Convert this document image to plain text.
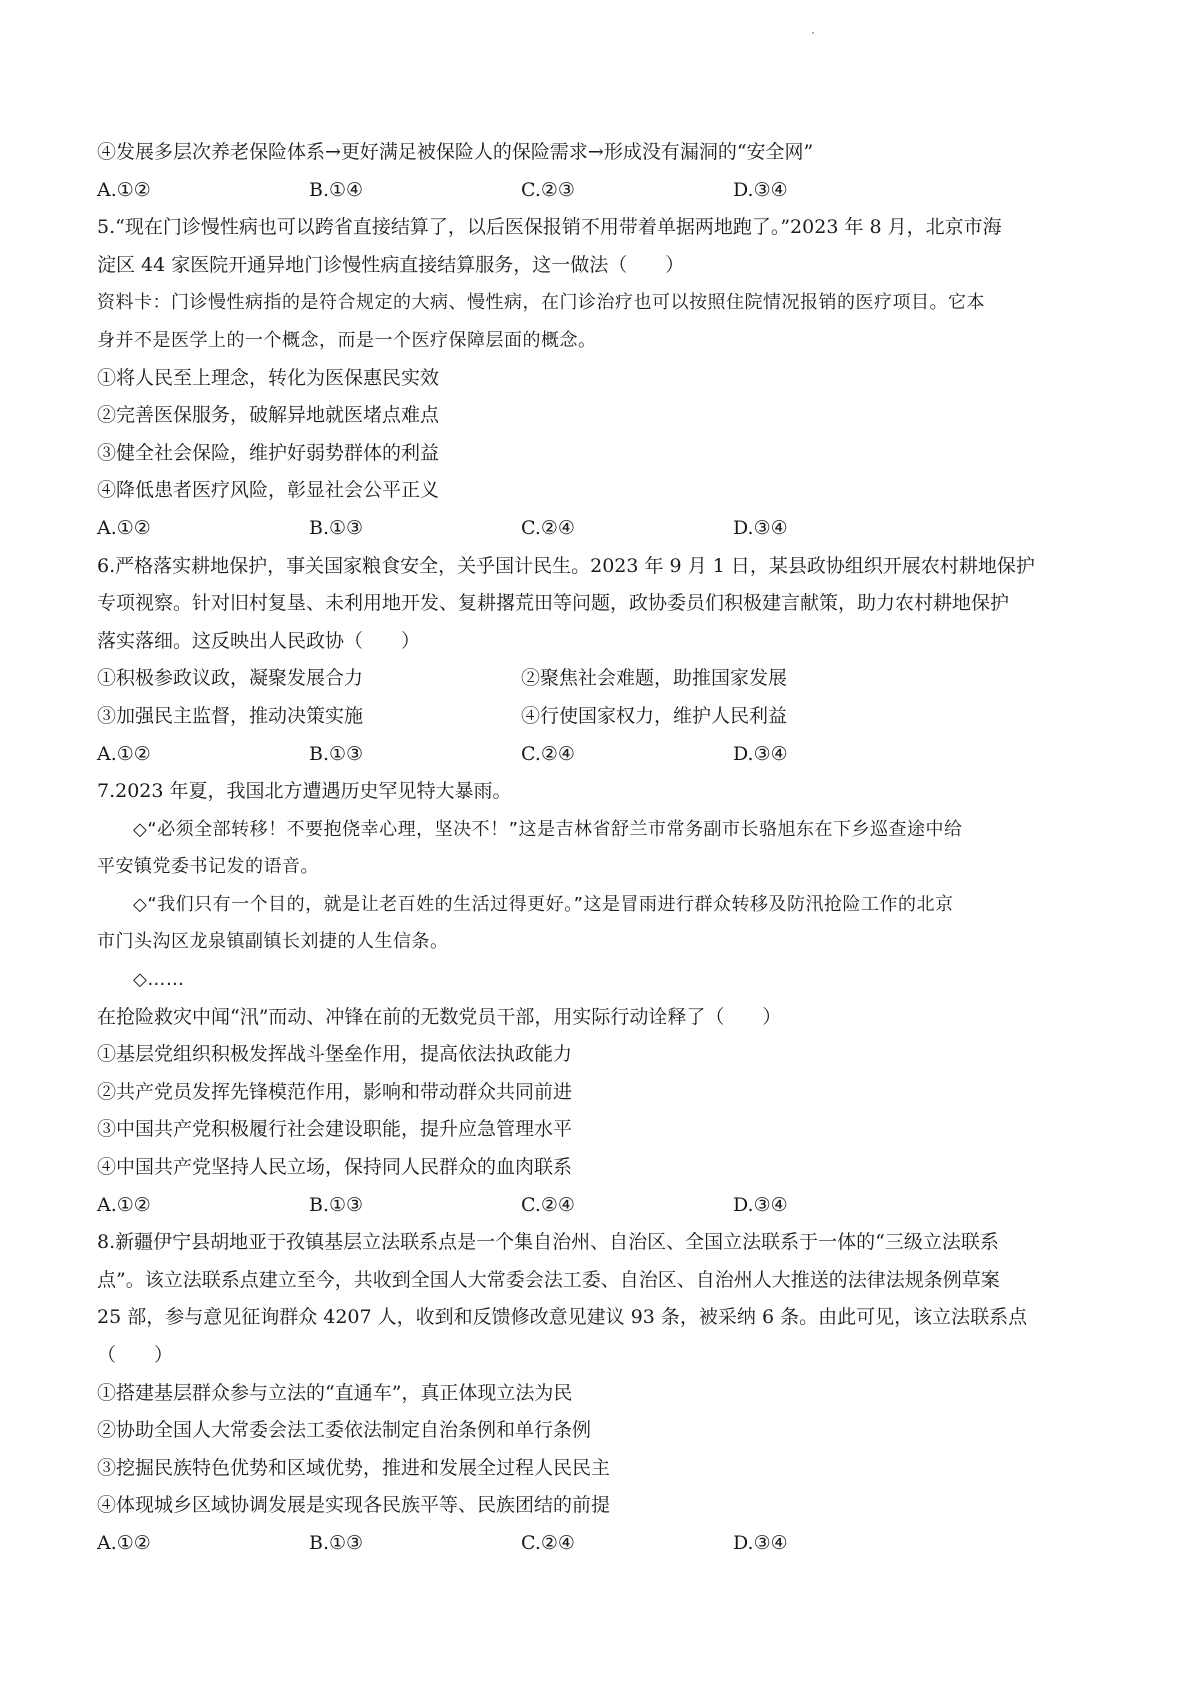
④发展多层次养老保险体系→更好满足被保险人的保险需求→形成没有漏洞的“安全网”
A.①②	B.①④	C.②③	D.③④
5.“现在门诊慢性病也可以跨省直接结算了，以后医保报销不用带着单据两地跑了。”2023 年 8 月，北京市海
淀区 44 家医院开通异地门诊慢性病直接结算服务，这一做法（　　）
资料卡：门诊慢性病指的是符合规定的大病、慢性病，在门诊治疗也可以按照住院情况报销的医疗项目。它本
身并不是医学上的一个概念，而是一个医疗保障层面的概念。
①将人民至上理念，转化为医保惠民实效
②完善医保服务，破解异地就医堵点难点
③健全社会保险，维护好弱势群体的利益
④降低患者医疗风险，彰显社会公平正义
A.①②	B.①③	C.②④	D.③④
6.严格落实耕地保护，事关国家粮食安全，关乎国计民生。2023 年 9 月 1 日，某县政协组织开展农村耕地保护
专项视察。针对旧村复垦、未利用地开发、复耕撂荒田等问题，政协委员们积极建言献策，助力农村耕地保护
落实落细。这反映出人民政协（　　）
①积极参政议政，凝聚发展合力	②聚焦社会难题，助推国家发展
③加强民主监督，推动决策实施	④行使国家权力，维护人民利益
A.①②	B.①③	C.②④	D.③④
7.2023 年夏，我国北方遭遇历史罕见特大暴雨。
◇“必须全部转移！不要抱侥幸心理，坚决不！”这是吉林省舒兰市常务副市长骆旭东在下乡巡查途中给
平安镇党委书记发的语音。
◇“我们只有一个目的，就是让老百姓的生活过得更好。”这是冒雨进行群众转移及防汛抢险工作的北京
市门头沟区龙泉镇副镇长刘捷的人生信条。
◇……
在抢险救灾中闻“汛”而动、冲锋在前的无数党员干部，用实际行动诠释了（　　）
①基层党组织积极发挥战斗堡垒作用，提高依法执政能力
②共产党员发挥先锋模范作用，影响和带动群众共同前进
③中国共产党积极履行社会建设职能，提升应急管理水平
④中国共产党坚持人民立场，保持同人民群众的血肉联系
A.①②	B.①③	C.②④	D.③④
8.新疆伊宁县胡地亚于孜镇基层立法联系点是一个集自治州、自治区、全国立法联系于一体的“三级立法联系
点”。该立法联系点建立至今，共收到全国人大常委会法工委、自治区、自治州人大推送的法律法规条例草案
25 部，参与意见征询群众 4207 人，收到和反馈修改意见建议 93 条，被采纳 6 条。由此可见，该立法联系点
（　　）
①搭建基层群众参与立法的“直通车”，真正体现立法为民
②协助全国人大常委会法工委依法制定自治条例和单行条例
③挖掘民族特色优势和区域优势，推进和发展全过程人民民主
④体现城乡区域协调发展是实现各民族平等、民族团结的前提
A.①②	B.①③	C.②④	D.③④
